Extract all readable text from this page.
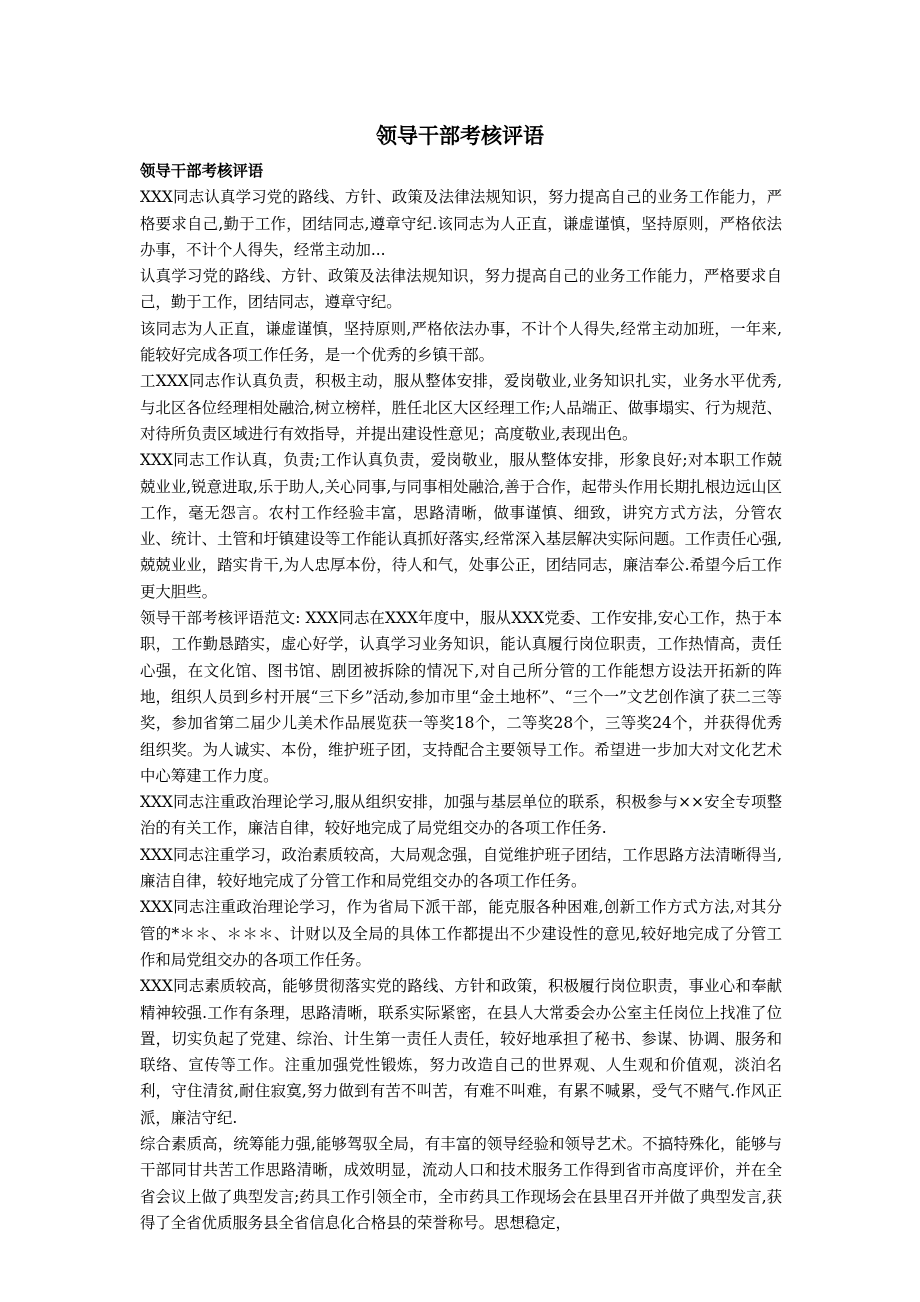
领导干部考核评语

领导干部考核评语

XXX同志认真学习党的路线、方针、政策及法律法规知识，努力提高自己的业务工作能力，严格要求自己,勤于工作，团结同志,遵章守纪.该同志为人正直，谦虚谨慎，坚持原则，严格依法办事，不计个人得失，经常主动加...

认真学习党的路线、方针、政策及法律法规知识，努力提高自己的业务工作能力，严格要求自己，勤于工作，团结同志，遵章守纪。

该同志为人正直，谦虚谨慎，坚持原则,严格依法办事，不计个人得失,经常主动加班，一年来,能较好完成各项工作任务，是一个优秀的乡镇干部。

工XXX同志作认真负责，积极主动，服从整体安排，爱岗敬业,业务知识扎实，业务水平优秀,与北区各位经理相处融洽,树立榜样，胜任北区大区经理工作;人品端正、做事塌实、行为规范、对待所负责区域进行有效指导，并提出建设性意见；高度敬业,表现出色。

XXX同志工作认真，负责;工作认真负责，爱岗敬业，服从整体安排，形象良好;对本职工作兢兢业业,锐意进取,乐于助人,关心同事,与同事相处融洽,善于合作，起带头作用长期扎根边远山区工作，毫无怨言。农村工作经验丰富，思路清晰，做事谨慎、细致，讲究方式方法，分管农业、统计、土管和圩镇建设等工作能认真抓好落实,经常深入基层解决实际问题。工作责任心强,兢兢业业，踏实肯干,为人忠厚本份，待人和气，处事公正，团结同志，廉洁奉公.希望今后工作更大胆些。

领导干部考核评语范文: XXX同志在XXX年度中，服从XXX党委、工作安排,安心工作，热于本职，工作勤恳踏实，虚心好学，认真学习业务知识，能认真履行岗位职责，工作热情高，责任心强，在文化馆、图书馆、剧团被拆除的情况下,对自己所分管的工作能想方设法开拓新的阵地，组织人员到乡村开展“三下乡”活动,参加市里“金土地杯”、“三个一”文艺创作演了获二三等奖，参加省第二届少儿美术作品展览获一等奖18个，二等奖28个，三等奖24个，并获得优秀组织奖。为人诚实、本份，维护班子团，支持配合主要领导工作。希望进一步加大对文化艺术中心筹建工作力度。

XXX同志注重政治理论学习,服从组织安排，加强与基层单位的联系，积极参与××安全专项整治的有关工作，廉洁自律，较好地完成了局党组交办的各项工作任务.

XXX同志注重学习，政治素质较高，大局观念强，自觉维护班子团结，工作思路方法清晰得当,廉洁自律，较好地完成了分管工作和局党组交办的各项工作任务。

XXX同志注重政治理论学习，作为省局下派干部，能克服各种困难,创新工作方式方法,对其分管的*＊＊、＊＊＊、计财以及全局的具体工作都提出不少建设性的意见,较好地完成了分管工作和局党组交办的各项工作任务。

XXX同志素质较高，能够贯彻落实党的路线、方针和政策，积极履行岗位职责，事业心和奉献精神较强.工作有条理，思路清晰，联系实际紧密，在县人大常委会办公室主任岗位上找准了位置，切实负起了党建、综治、计生第一责任人责任，较好地承担了秘书、参谋、协调、服务和联络、宣传等工作。注重加强党性锻炼，努力改造自己的世界观、人生观和价值观，淡泊名利，守住清贫,耐住寂寞,努力做到有苦不叫苦，有难不叫难，有累不喊累，受气不赌气.作风正派，廉洁守纪.

综合素质高，统筹能力强,能够驾驭全局，有丰富的领导经验和领导艺术。不搞特殊化，能够与干部同甘共苦工作思路清晰，成效明显，流动人口和技术服务工作得到省市高度评价，并在全省会议上做了典型发言;药具工作引领全市，全市药具工作现场会在县里召开并做了典型发言,获得了全省优质服务县全省信息化合格县的荣誉称号。思想稳定，
